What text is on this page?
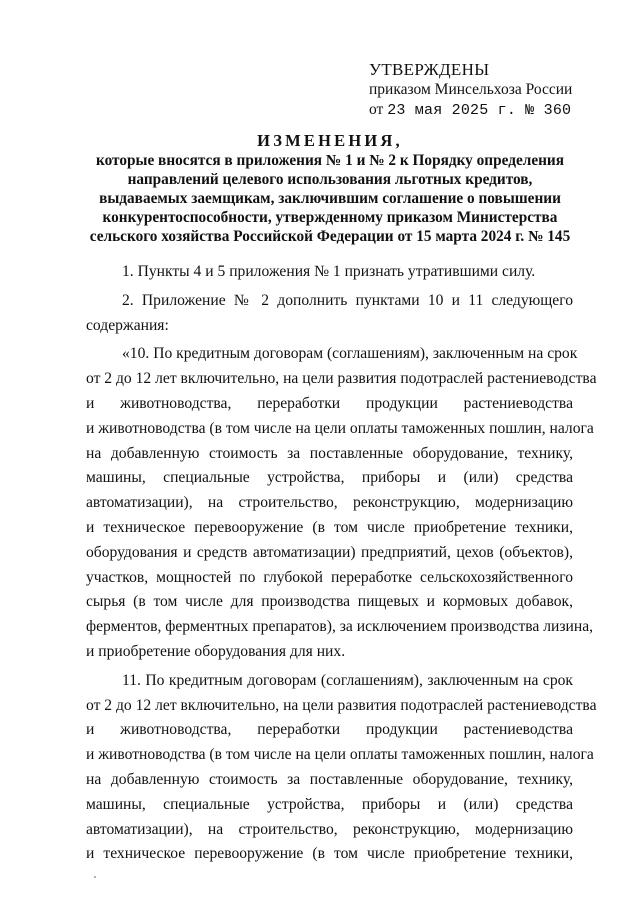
УТВЕРЖДЕНЫ
приказом Минсельхоза России
от 23 мая 2025 г. № 360
ИЗМЕНЕНИЯ,
которые вносятся в приложения № 1 и № 2 к Порядку определения
направлений целевого использования льготных кредитов,
выдаваемых заемщикам, заключившим соглашение о повышении
конкурентоспособности, утвержденному приказом Министерства
сельского хозяйства Российской Федерации от 15 марта 2024 г. № 145
1. Пункты 4 и 5 приложения № 1 признать утратившими силу.
2. Приложение № 2 дополнить пунктами 10 и 11 следующего
содержания:
«10. По кредитным договорам (соглашениям), заключенным на срок
от 2 до 12 лет включительно, на цели развития подотраслей растениеводства
и животноводства, переработки продукции растениеводства
и животноводства (в том числе на цели оплаты таможенных пошлин, налога
на добавленную стоимость за поставленные оборудование, технику,
машины, специальные устройства, приборы и (или) средства
автоматизации), на строительство, реконструкцию, модернизацию
и техническое перевооружение (в том числе приобретение техники,
оборудования и средств автоматизации) предприятий, цехов (объектов),
участков, мощностей по глубокой переработке сельскохозяйственного
сырья (в том числе для производства пищевых и кормовых добавок,
ферментов, ферментных препаратов), за исключением производства лизина,
и приобретение оборудования для них.
11. По кредитным договорам (соглашениям), заключенным на срок
от 2 до 12 лет включительно, на цели развития подотраслей растениеводства
и животноводства, переработки продукции растениеводства
и животноводства (в том числе на цели оплаты таможенных пошлин, налога
на добавленную стоимость за поставленные оборудование, технику,
машины, специальные устройства, приборы и (или) средства
автоматизации), на строительство, реконструкцию, модернизацию
и техническое перевооружение (в том числе приобретение техники,
